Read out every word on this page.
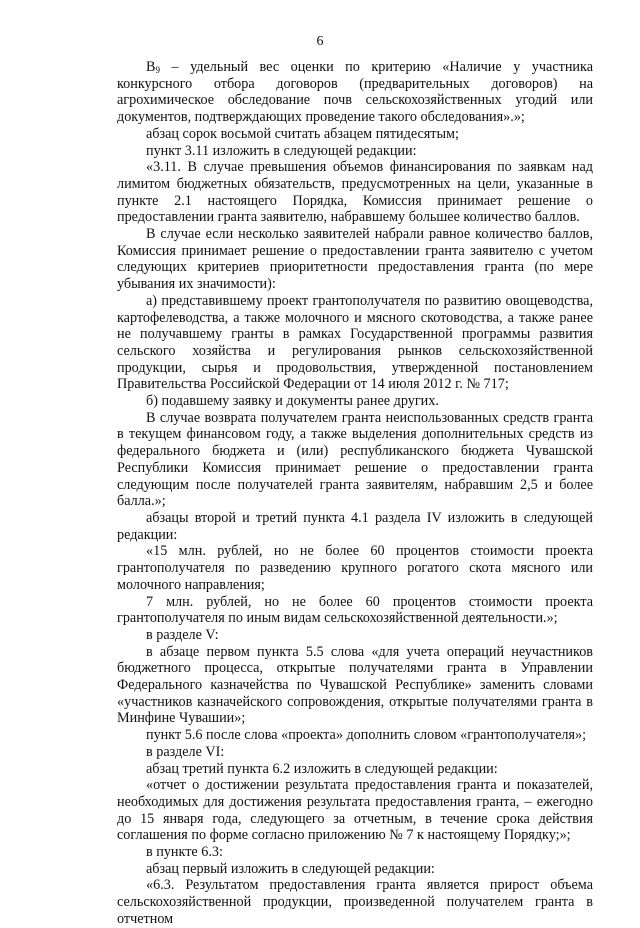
6

$B_9$ – удельный вес оценки по критерию «Наличие у участника конкурсного отбора договоров (предварительных договоров) на агрохимическое обследование почв сельскохозяйственных угодий или документов, подтверждающих проведение такого обследования».»;

абзац сорок восьмой считать абзацем пятидесятым;

пункт 3.11 изложить в следующей редакции:

«3.11. В случае превышения объемов финансирования по заявкам над лимитом бюджетных обязательств, предусмотренных на цели, указанные в пункте 2.1 настоящего Порядка, Комиссия принимает решение о предоставлении гранта заявителю, набравшему большее количество баллов.

В случае если несколько заявителей набрали равное количество баллов, Комиссия принимает решение о предоставлении гранта заявителю с учетом следующих критериев приоритетности предоставления гранта (по мере убывания их значимости):

а) представившему проект грантополучателя по развитию овощеводства, картофелеводства, а также молочного и мясного скотоводства, а также ранее не получавшему гранты в рамках Государственной программы развития сельского хозяйства и регулирования рынков сельскохозяйственной продукции, сырья и продовольствия, утвержденной постановлением Правительства Российской Федерации от 14 июля 2012 г. № 717;

б) подавшему заявку и документы ранее других.

В случае возврата получателем гранта неиспользованных средств гранта в текущем финансовом году, а также выделения дополнительных средств из федерального бюджета и (или) республиканского бюджета Чувашской Республики Комиссия принимает решение о предоставлении гранта следующим после получателей гранта заявителям, набравшим 2,5 и более балла.»;

абзацы второй и третий пункта 4.1 раздела IV изложить в следующей редакции:

«15 млн. рублей, но не более 60 процентов стоимости проекта грантополучателя по разведению крупного рогатого скота мясного или молочного направления;

7 млн. рублей, но не более 60 процентов стоимости проекта грантополучателя по иным видам сельскохозяйственной деятельности.»;

в разделе V:

в абзаце первом пункта 5.5 слова «для учета операций неучастников бюджетного процесса, открытые получателями гранта в Управлении Федерального казначейства по Чувашской Республике» заменить словами «участников казначейского сопровождения, открытые получателями гранта в Минфине Чувашии»;

пункт 5.6 после слова «проекта» дополнить словом «грантополучателя»;

в разделе VI:

абзац третий пункта 6.2 изложить в следующей редакции:

«отчет о достижении результата предоставления гранта и показателей, необходимых для достижения результата предоставления гранта, – ежегодно до 15 января года, следующего за отчетным, в течение срока действия соглашения по форме согласно приложению № 7 к настоящему Порядку;»;

в пункте 6.3:

абзац первый изложить в следующей редакции:

«6.3. Результатом предоставления гранта является прирост объема сельскохозяйственной продукции, произведенной получателем гранта в отчетном
